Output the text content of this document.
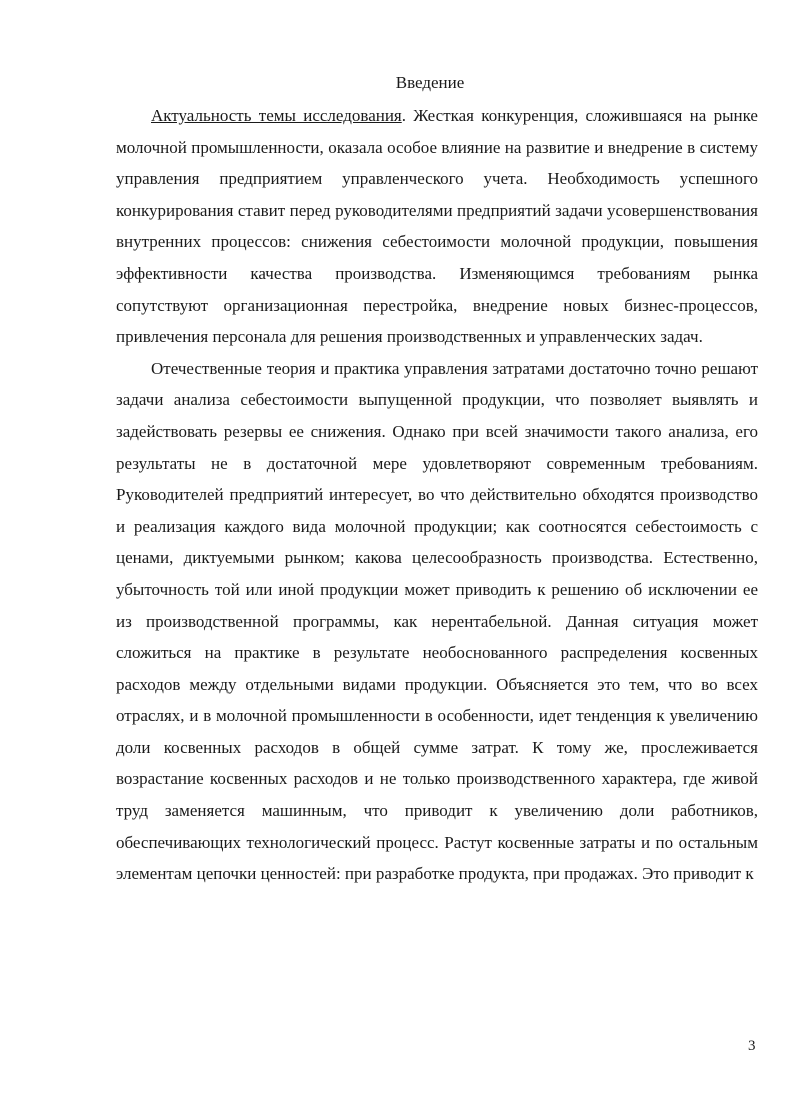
Введение

Актуальность темы исследования. Жесткая конкуренция, сложившаяся на рынке молочной промышленности, оказала особое влияние на развитие и внедрение в систему управления предприятием управленческого учета. Необходимость успешного конкурирования ставит перед руководителями предприятий задачи усовершенствования внутренних процессов: снижения себестоимости молочной продукции, повышения эффективности качества производства. Изменяющимся требованиям рынка сопутствуют организационная перестройка, внедрение новых бизнес-процессов, привлечения персонала для решения производственных и управленческих задач.

Отечественные теория и практика управления затратами достаточно точно решают задачи анализа себестоимости выпущенной продукции, что позволяет выявлять и задействовать резервы ее снижения. Однако при всей значимости такого анализа, его результаты не в достаточной мере удовлетворяют современным требованиям. Руководителей предприятий интересует, во что действительно обходятся производство и реализация каждого вида молочной продукции; как соотносятся себестоимость с ценами, диктуемыми рынком; какова целесообразность производства. Естественно, убыточность той или иной продукции может приводить к решению об исключении ее из производственной программы, как нерентабельной. Данная ситуация может сложиться на практике в результате необоснованного распределения косвенных расходов между отдельными видами продукции. Объясняется это тем, что во всех отраслях, и в молочной промышленности в особенности, идет тенденция к увеличению доли косвенных расходов в общей сумме затрат. К тому же, прослеживается возрастание косвенных расходов и не только производственного характера, где живой труд заменяется машинным, что приводит к увеличению доли работников, обеспечивающих технологический процесс. Растут косвенные затраты и по остальным элементам цепочки ценностей: при разработке продукта, при продажах. Это приводит к

3
